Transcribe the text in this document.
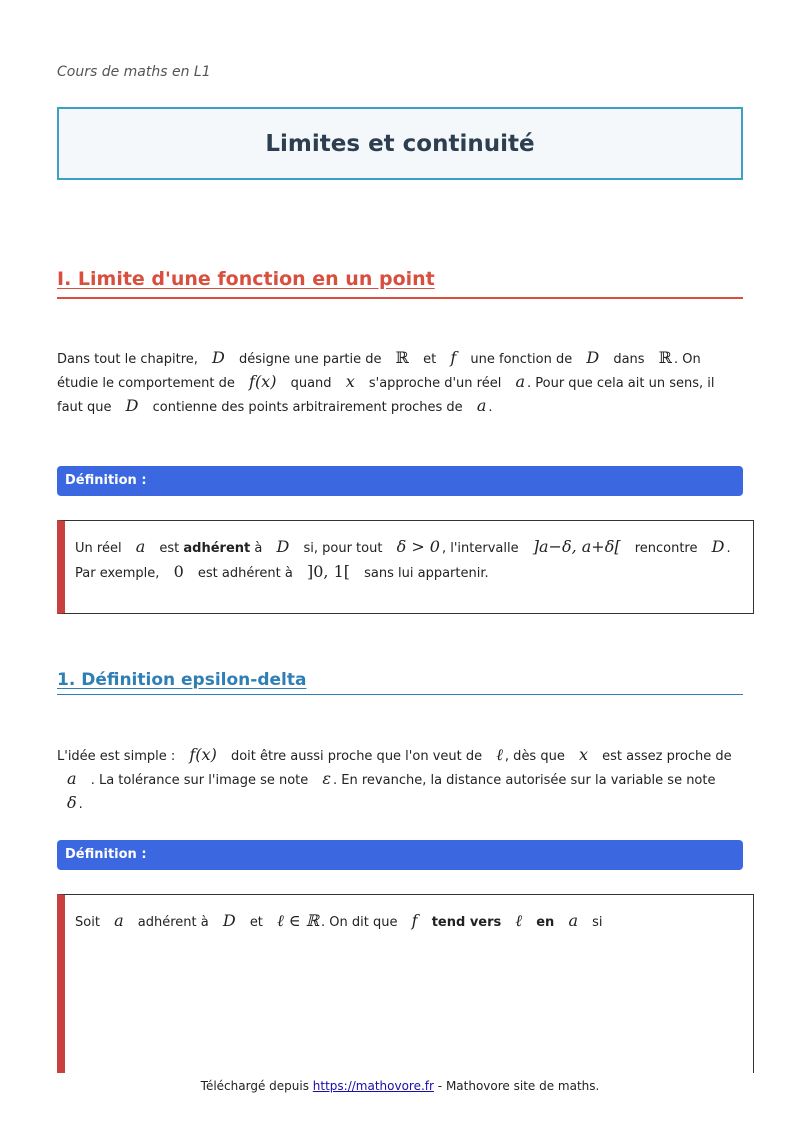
Cours de maths en L1
Limites et continuité
I. Limite d'une fonction en un point
Dans tout le chapitre, D désigne une partie de ℝ et f une fonction de D dans ℝ . On étudie le comportement de f(x) quand x s'approche d'un réel a . Pour que cela ait un sens, il faut que D contienne des points arbitrairement proches de a .
Définition :
Un réel a est adhérent à D si, pour tout δ > 0 , l'intervalle ]a−δ, a+δ[ rencontre D . Par exemple, 0 est adhérent à ]0, 1[ sans lui appartenir.
1. Définition epsilon-delta
L'idée est simple : f(x) doit être aussi proche que l'on veut de ℓ , dès que x est assez proche de a . La tolérance sur l'image se note ε . En revanche, la distance autorisée sur la variable se note δ .
Définition :
Soit a adhérent à D et ℓ ∈ ℝ . On dit que f tend vers ℓ en a si
Téléchargé depuis https://mathovore.fr - Mathovore site de maths.
